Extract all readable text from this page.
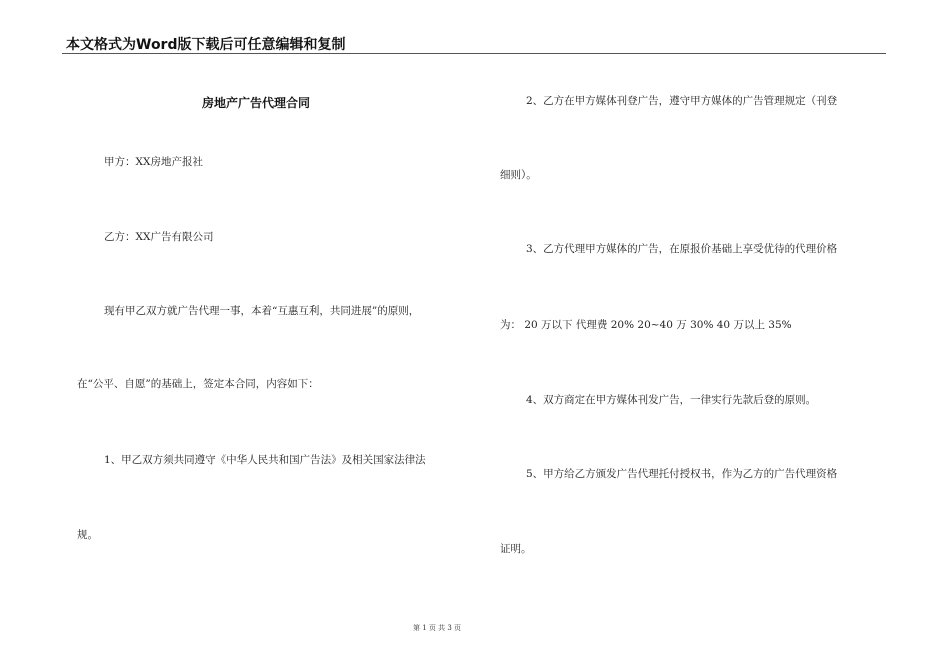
本文格式为Word版下载后可任意编辑和复制
房地产广告代理合同
甲方：XX房地产报社
乙方：XX广告有限公司
现有甲乙双方就广告代理一事，本着“互惠互利，共同进展”的原则，
在“公平、自愿”的基础上，签定本合同，内容如下：
1、甲乙双方须共同遵守《中华人民共和国广告法》及相关国家法律法
规。
2、乙方在甲方媒体刊登广告，遵守甲方媒体的广告管理规定（刊登
细则）。
3、乙方代理甲方媒体的广告，在原报价基础上享受优待的代理价格
为： 20 万以下 代理费 20% 20~40 万 30% 40 万以上 35%
4、双方商定在甲方媒体刊发广告，一律实行先款后登的原则。
5、甲方给乙方颁发广告代理托付授权书，作为乙方的广告代理资格
证明。
第 1 页 共 3 页
